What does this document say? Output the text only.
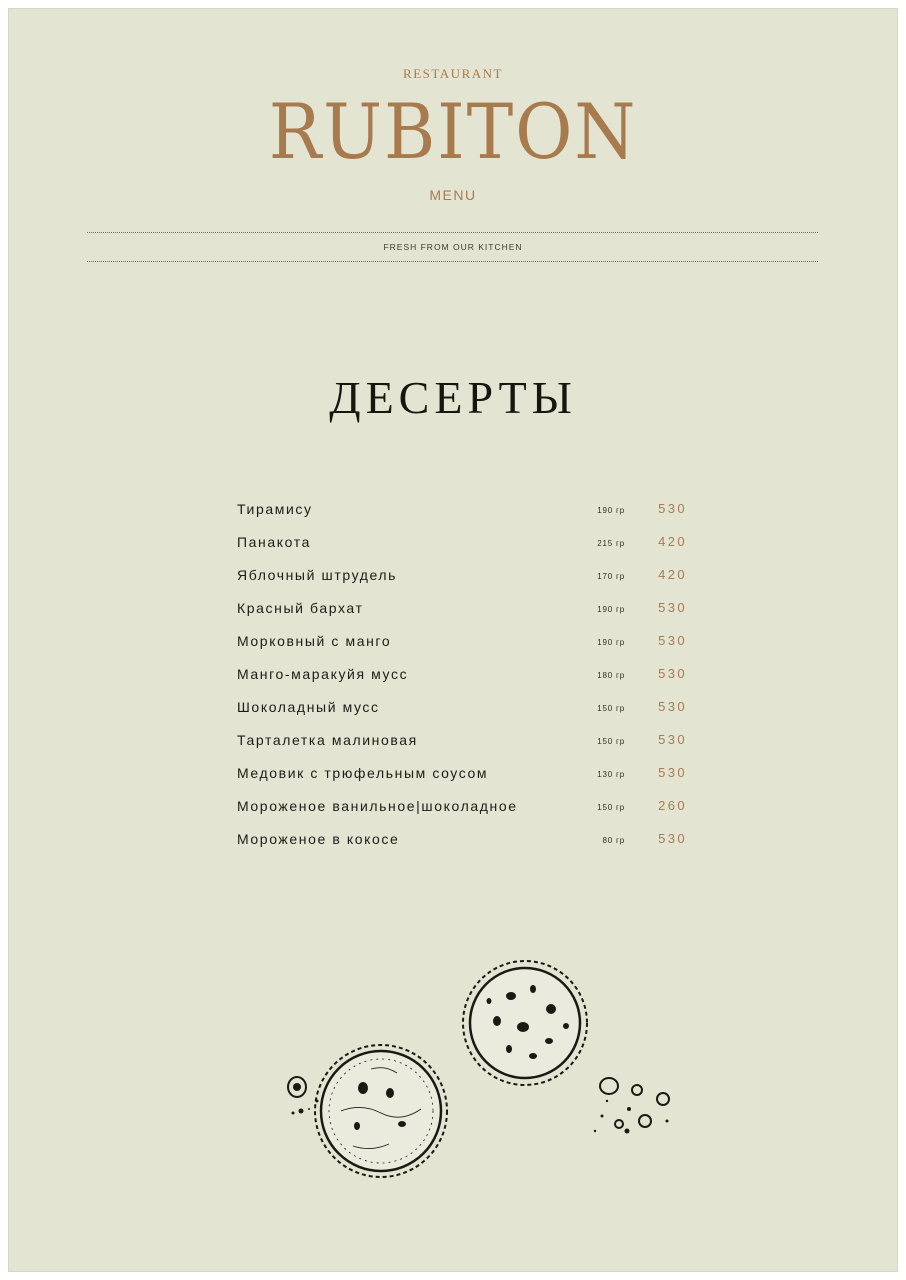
RESTAURANT
RUBITON
MENU
FRESH FROM OUR KITCHEN
ДЕСЕРТЫ
Тирамису	190 гр	530
Панакота	215 гр	420
Яблочный штрудель	170 гр	420
Красный бархат	190 гр	530
Морковный с манго	190 гр	530
Манго-маракуйя мусс	180 гр	530
Шоколадный мусс	150 гр	530
Тарталетка малиновая	150 гр	530
Медовик с трюфельным соусом	130 гр	530
Мороженое ванильное|шоколадное	150 гр	260
Мороженое в кокосе	80 гр	530
